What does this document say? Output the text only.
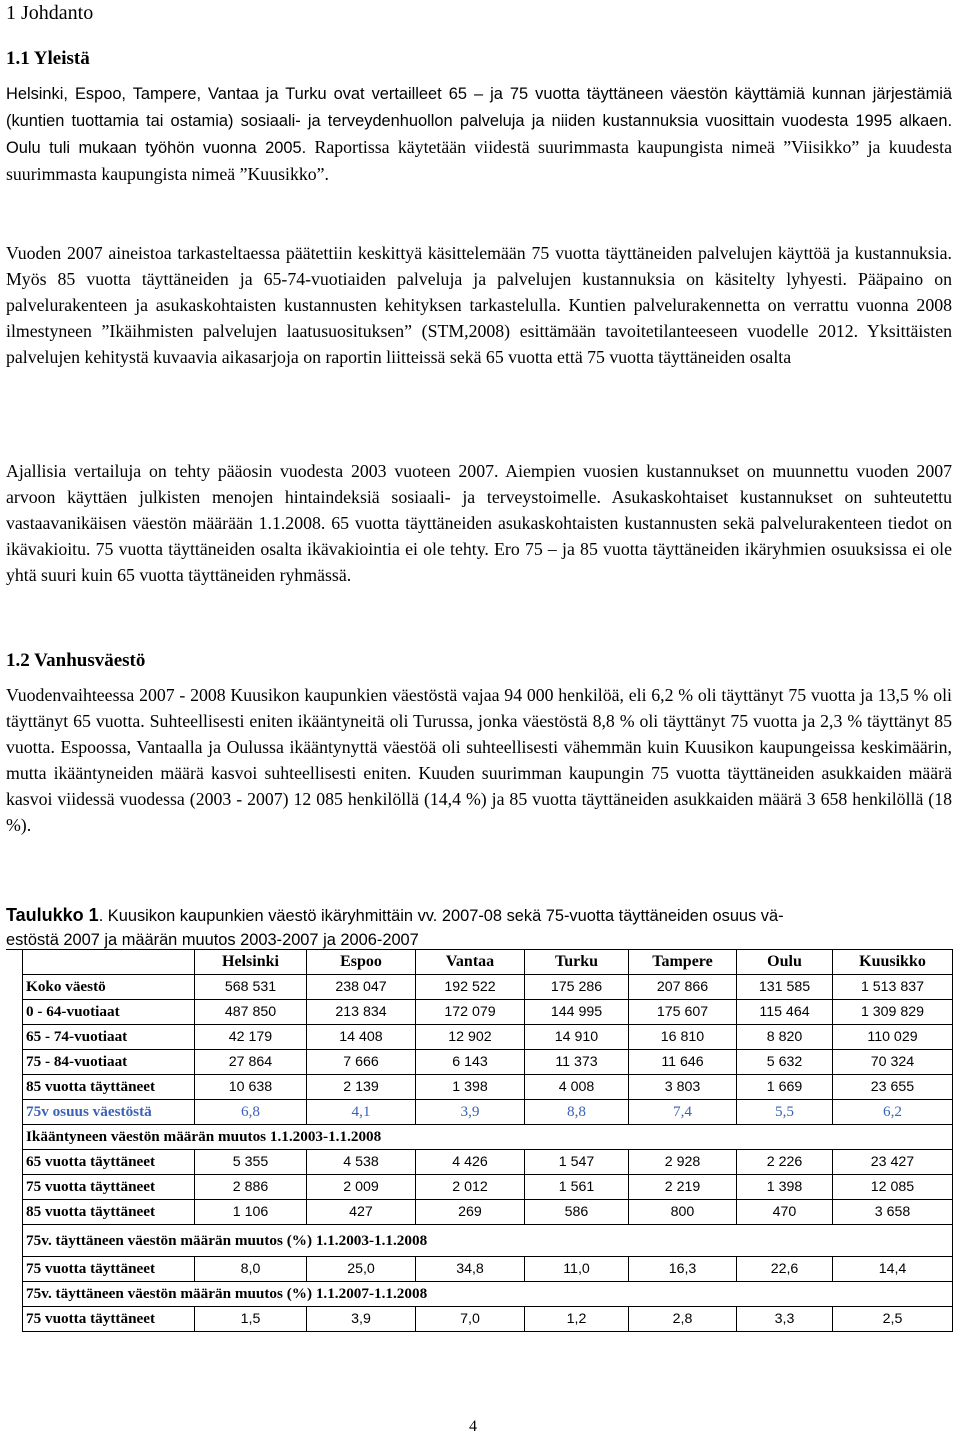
1 Johdanto
1.1 Yleistä

Helsinki, Espoo, Tampere, Vantaa ja Turku ovat vertailleet 65 – ja 75 vuotta täyttäneen väestön käyttämiä kunnan järjestämiä (kuntien tuottamia tai ostamia) sosiaali- ja terveydenhuollon palveluja ja niiden kustannuksia vuosittain vuodesta 1995 alkaen. Oulu tuli mukaan työhön vuonna 2005. Raportissa käytetään viidestä suurimmasta kaupungista nimeä ”Viisikko” ja kuudesta suurimmasta kaupungista nimeä ”Kuusikko”.

Vuoden 2007 aineistoa tarkasteltaessa päätettiin keskittyä käsittelemään 75 vuotta täyttäneiden palvelujen käyttöä ja kustannuksia. Myös 85 vuotta täyttäneiden ja 65-74-vuotiaiden palveluja ja palvelujen kustannuksia on käsitelty lyhyesti. Pääpaino on palvelurakenteen ja asukaskohtaisten kustannusten kehityksen tarkastelulla. Kuntien palvelurakennetta on verrattu vuonna 2008 ilmestyneen ”Ikäihmisten palvelujen laatusuosituksen” (STM,2008) esittämään tavoitetilanteeseen vuodelle 2012. Yksittäisten palvelujen kehitystä kuvaavia aikasarjoja on raportin liitteissä sekä 65 vuotta että 75 vuotta täyttäneiden osalta

Ajallisia vertailuja on tehty pääosin vuodesta 2003 vuoteen 2007. Aiempien vuosien kustannukset on muunnettu vuoden 2007 arvoon käyttäen julkisten menojen hintaindeksiä sosiaali- ja terveystoimelle. Asukaskohtaiset kustannukset on suhteutettu vastaavanikäisen väestön määrään 1.1.2008. 65 vuotta täyttäneiden asukaskohtaisten kustannusten sekä palvelurakenteen tiedot on ikävakioitu. 75 vuotta täyttäneiden osalta ikävakiointia ei ole tehty. Ero 75 – ja 85 vuotta täyttäneiden ikäryhmien osuuksissa ei ole yhtä suuri kuin 65 vuotta täyttäneiden ryhmässä.

1.2 Vanhusväestö

Vuodenvaihteessa 2007 - 2008 Kuusikon kaupunkien väestöstä vajaa 94 000 henkilöä, eli 6,2 % oli täyttänyt 75 vuotta ja 13,5 % oli täyttänyt 65 vuotta. Suhteellisesti eniten ikääntyneitä oli Turussa, jonka väestöstä 8,8 % oli täyttänyt 75 vuotta ja 2,3 % täyttänyt 85 vuotta. Espoossa, Vantaalla ja Oulussa ikääntynyttä väestöä oli suhteellisesti vähemmän kuin Kuusikon kaupungeissa keskimäärin, mutta ikääntyneiden määrä kasvoi suhteellisesti eniten. Kuuden suurimman kaupungin 75 vuotta täyttäneiden asukkaiden määrä kasvoi viidessä vuodessa (2003 - 2007) 12 085 henkilöllä (14,4 %) ja 85 vuotta täyttäneiden asukkaiden määrä 3 658 henkilöllä (18 %).

Taulukko 1. Kuusikon kaupunkien väestö ikäryhmittäin vv. 2007-08 sekä 75-vuotta täyttäneiden osuus vä-
estöstä 2007 ja määrän muutos 2003-2007 ja 2006-2007
	Helsinki	Espoo	Vantaa	Turku	Tampere	Oulu	Kuusikko
Koko väestö	568 531	238 047	192 522	175 286	207 866	131 585	1 513 837
0 - 64-vuotiaat	487 850	213 834	172 079	144 995	175 607	115 464	1 309 829
65 - 74-vuotiaat	42 179	14 408	12 902	14 910	16 810	8 820	110 029
75 - 84-vuotiaat	27 864	7 666	6 143	11 373	11 646	5 632	70 324
85 vuotta täyttäneet	10 638	2 139	1 398	4 008	3 803	1 669	23 655
75v osuus väestöstä	6,8	4,1	3,9	8,8	7,4	5,5	6,2
Ikääntyneen väestön määrän muutos 1.1.2003-1.1.2008							
65 vuotta täyttäneet	5 355	4 538	4 426	1 547	2 928	2 226	23 427
75 vuotta täyttäneet	2 886	2 009	2 012	1 561	2 219	1 398	12 085
85 vuotta täyttäneet	1 106	427	269	586	800	470	3 658
75v. täyttäneen väestön määrän muutos (%) 1.1.2003-1.1.2008							
75 vuotta täyttäneet	8,0	25,0	34,8	11,0	16,3	22,6	14,4
75v. täyttäneen väestön määrän muutos (%) 1.1.2007-1.1.2008							
75 vuotta täyttäneet	1,5	3,9	7,0	1,2	2,8	3,3	2,5
4
